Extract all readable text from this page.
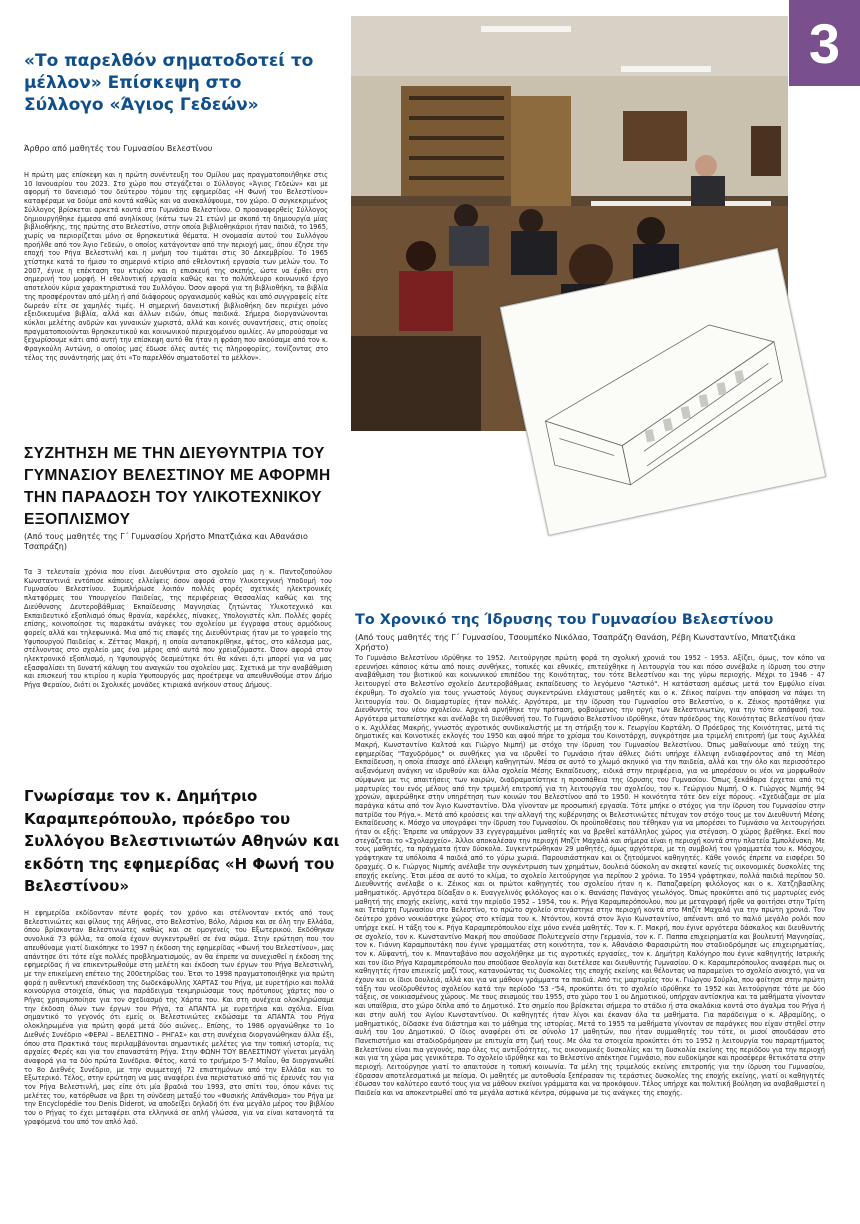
3
«Το παρελθόν σηματοδοτεί το μέλλον» Επίσκεψη στο Σύλλογο «Άγιος Γεδεών»
Άρθρο από μαθητές του Γυμνασίου Βελεστίνου
Η πρώτη μας επίσκεψη και η πρώτη συνέντευξη του Ομίλου μας πραγματοποιήθηκε στις 10 Ιανουαρίου του 2023. Στο χώρο που στεγάζεται ο Σύλλογος «Άγιος Γεδεών» και με αφορμή το δανεισμό του δεύτερου τόμου της εφημερίδας «Η Φωνή του Βελεστίνου» καταφέραμε να δούμε από κοντά καθώς και να ανακαλύψουμε, τον χώρο. Ο συγκεκριμένος Σύλλογος βρίσκεται αρκετά κοντά στο Γυμνάσιο Βελεστίνου. Ο προαναφερθείς Σύλλογος δημιουργήθηκε έμμεσα από ανηλίκους (κάτω των 21 ετών) με σκοπό τη δημιουργία μίας βιβλιοθήκης, της πρώτης στο Βελεστίνο, στην οποία βιβλιοθηκάριοι ήταν παιδιά, το 1965, χωρίς να περιορίζεται μόνο σε θρησκευτικά θέματα. Η ονομασία αυτού του Συλλόγου προήλθε από τον Άγιο Γεδεών, ο οποίος κατάγονταν από την περιοχή μας, όπου έζησε την εποχή του Ρήγα Βελεστινλή και η μνήμη του τιμάται στις 30 Δεκεμβρίου. Το 1965 χτίστηκε κατά το ήμισυ το σημερινό κτίριο από εθελοντική εργασία των μελών του. Το 2007, έγινε η επέκταση του κτιρίου και η επισκευή της σκεπής, ώστε να έρθει στη σημερινή του μορφή. Η εθελοντική εργασία καθώς και το πολύπλευρο κοινωνικό έργο αποτελούν κύρια χαρακτηριστικά του Συλλόγου. Όσον αφορά για τη βιβλιοθήκη, τα βιβλία της προσφέρονταν από μέλη ή από διάφορους οργανισμούς καθώς και από συγγραφείς είτε δωρεάν είτε σε χαμηλές τιμές. Η σημερινή δανειστική βιβλιοθήκη δεν περιέχει μόνο εξειδικευμένα βιβλία, αλλά και άλλων ειδών, όπως παιδικά. Σήμερα διοργανώνονται κύκλοι μελέτης ανδρών και γυναικών χωριστά, αλλά και κοινές συναντήσεις, στις οποίες πραγματοποιούνται θρησκευτικού και κοινωνικού περιεχομένου ομιλίες. Αν μπορούσαμε να ξεχωρίσουμε κάτι από αυτή την επίσκεψη αυτό θα ήταν η φράση που ακούσαμε από τον κ. Φραγκούλη Αντώνη, ο οποίος μας έδωσε όλες αυτές τις πληροφορίες, τονίζοντας στο τέλος της συνάντησής μας ότι «Το παρελθόν σηματοδοτεί το μέλλον».
ΣΥΖΗΤΗΣΗ ΜΕ ΤΗΝ ΔΙΕΥΘΥΝΤΡΙΑ ΤΟΥ ΓΥΜΝΑΣΙΟΥ ΒΕΛΕΣΤΙΝΟΥ ΜΕ ΑΦΟΡΜΗ ΤΗΝ ΠΑΡΑΔΟΣΗ ΤΟΥ ΥΛΙΚΟΤΕΧΝΙΚΟΥ ΕΞΟΠΛΙΣΜΟΥ
(Από τους μαθητές της Γ΄ Γυμνασίου Χρήστο Μπατζιάκα και Αθανάσιο Τσαπράζη)
Τα 3 τελευταία χρόνια που είναι Διευθύντρια στο σχολείο μας η κ. Παντοζοπούλου Κωνσταντινιά εντόπισε κάποιες ελλείψεις όσον αφορά στην Υλικοτεχνική Υποδομή του Γυμνασίου Βελεστίνου. Συμπλήρωσε λοιπόν πολλές φορές σχετικές ηλεκτρονικές πλατφόρμες του Υπουργείου Παιδείας, της περιφέρειας Θεσσαλίας καθώς και της Διεύθυνσης Δευτεροβάθμιας Εκπαίδευσης Μαγνησίας ζητώντας Υλικοτεχνικό και Εκπαιδευτικό εξοπλισμό όπως θρανία, καρέκλες, πίνακες, Υπολογιστές κλπ. Πολλές φορές επίσης, κοινοποίησε τις παρακάτω ανάγκες του σχολείου με έγγραφα στους αρμόδιους φορείς αλλά και τηλεφωνικά. Μια από τις επαφές της Διευθύντριας ήταν με το γραφείο της Υφυπουργού Παιδείας κ. Ζέττας Μακρή, η οποία ανταποκρίθηκε, φέτος, στο κάλεσμα μας, στέλνοντας στο σχολείο μας ένα μέρος από αυτά που χρειαζόμαστε. Όσον αφορά στον ηλεκτρονικό εξοπλισμό, η Υφυπουργός δεσμεύτηκε ότι θα κάνει ό,τι μπορεί για να μας εξασφαλίσει τη δυνατή κάλυψη του αναγκών του σχολείου μας. Σχετικά με την αναβάθμιση και επισκευή του κτιρίου η κυρία Υφυπουργός μας προέτρεψε να απευθυνθούμε στον Δήμο Ρήγα Φεραίου, διότι οι Σχολικές μονάδες κτιριακά ανήκουν στους Δήμους.
Γνωρίσαμε τον κ. Δημήτριο Καραμπερόπουλο, πρόεδρο του Συλλόγου Βελεστινιωτών Αθηνών και εκδότη της εφημερίδας «Η Φωνή του Βελεστίνου»
Η εφημερίδα εκδίδονταν πέντε φορές τον χρόνο και στέλνονταν εκτός από τους Βελεστινιώτες και φίλους της Αθήνας, στο Βελεστίνο, Βόλο, Λάρισα και σε όλη την Ελλάδα, όπου βρίσκονταν Βελεστινιώτες καθώς και σε ομογενείς του Εξωτερικού. Εκδόθηκαν συνολικά 73 φύλλα, τα οποία έχουν συγκεντρωθεί σε ένα σώμα. Στην ερώτηση που του απευθύναμε γιατί διακόπηκε το 1997 η έκδοση της εφημερίδας «Φωνή του Βελεστίνου», μας απάντησε ότι τότε είχε πολλές προβληματισμούς, αν θα έπρεπε να συνεχισθεί η έκδοση της εφημερίδας ή να επικεντρωθούμε στη μελέτη και έκδοση των έργων του Ρήγα Βελεστινλή, με την επικείμενη επέτειο της 200ετηρίδας του. Έτσι το 1998 πραγματοποιήθηκε για πρώτη φορά η αυθεντική επανέκδοση της δωδεκάφυλλης ΧΑΡΤΑΣ του Ρήγα, με ευρετήριο και πολλά κοινούργια στοιχεία, όπως για παράδειγμα τεκμηριώσαμε τους πρότυπους χάρτες που ο Ρήγας χρησιμοποίησε για τον σχεδιασμό της Χάρτα του. Και στη συνέχεια ολοκληρώσαμε την έκδοση όλων των έργων του Ρήγα, τα ΑΠΑΝΤΑ με ευρετήρια και σχόλια. Είναι σημαντικό το γεγονός ότι εμείς οι Βελεστινιώτες εκδώσαμε τα ΑΠΑΝΤΑ του Ρήγα ολοκληρωμένα για πρώτη φορά μετά δύο αιώνες.. Επίσης, το 1986 οργανώθηκε το 1ο Διεθνές Συνέδριο «ΦΕΡΑΙ – ΒΕΛΕΣΤΙΝΟ – ΡΗΓΑΣ» και στη συνέχεια διοργανώθηκαν άλλα έξι, όπου στα Πρακτικά τους περιλαμβάνονται σημαντικές μελέτες για την τοπική ιστορία, τις αρχαίες Φερές και για τον επαναστάτη Ρήγα. Στην ΦΩΝΗ ΤΟΥ ΒΕΛΕΣΤΙΝΟΥ γίνεται μεγάλη αναφορά για τα δύο πρώτα Συνέδρια. Φέτος, κατά το τριήμερο 5-7 Μαΐου, θα διοργανωθεί το 8ο Διεθνές Συνέδριο, με την συμμετοχή 72 επιστημόνων από την Ελλάδα και το Εξωτερικό. Τέλος, στην ερώτηση να μας αναφέρει ένα περιστατικό από τις έρευνές του για τον Ρήγα Βελεστινλή, μας είπε ότι μία βραδιά του 1993, στο σπίτι του, όπου κάνει τις μελέτες του, κατόρθωσε να βρει τη σύνδεση μεταξύ του «Φυσικής Απάνθισμα» του Ρήγα με την Encyclopédie του Denis Diderot, να αποδείξει δηλαδή ότι ένα μεγάλο μέρος του βιβλίου του ο Ρήγας το έχει μεταφέρει στα ελληνικά σε απλή γλώσσα, για να είναι κατανοητά τα γραφόμενά του από τον απλό λαό.
Το Χρονικό της Ίδρυσης του Γυμνασίου Βελεστίνου
(Από τους μαθητές της Γ΄ Γυμνασίου, Τσουμπέκο Νικόλαο, Τσαπράζη Θανάση, Ρέβη Κωνσταντίνο, Μπατζιάκα Χρήστο)
Το Γυμνάσιο Βελεστίνου ιδρύθηκε το 1952. Λειτούργησε πρώτη φορά τη σχολική χρονιά του 1952 - 1953. Αξίζει, όμως, τον κόπο να ερευνήσει κάποιος κάτω από ποιες συνθήκες, τοπικές και εθνικές, επιτεύχθηκε η λειτουργία του και πόσο συνέβαλε η ίδρυση του στην αναβάθμιση του βιοτικού και κοινωνικού επιπέδου της Κοινότητας, του τότε Βελεστίνου και της γύρω περιοχής. Μέχρι το 1946 - 47 λειτουργεί στο Βελεστίνο σχολείο Δευτεροβάθμιας εκπαίδευσης το λεγόμενο "Αστικό". Η κατάσταση αμέσως μετά τον Εμφύλιο είναι έκρυθμη. Το σχολείο για τους γνωστούς λόγους συγκεντρώνει ελάχιστους μαθητές και ο κ. Ζέικος παίρνει την απόφαση να πάψει τη λειτουργία του. Οι διαμαρτυρίες ήταν πολλές. Αργότερα, με την ίδρυση του Γυμνασίου στο Βελεστίνο, ο κ. Ζέικος προτάθηκε για Διευθυντής του νέου σχολείου. Αρχικά αρνήθηκε την πρόταση, φοβούμενος την οργή των Βελεστινιωτών, για την τότε απόφασή του. Αργότερα μεταπείστηκε και ανέλαβε τη διεύθυνσή του. Το Γυμνάσιο Βελεστίνου ιδρύθηκε, όταν πρόεδρος της Κοινότητας Βελεστίνου ήταν ο κ. Αχιλλέας Μακρής, γνωστός αγροτικός συνδικαλιστής με τη στήριξη του κ. Γεωργίου Καρτάλη. Ο Πρόεδρος της Κοινότητας, μετά τις δημοτικές και Κοινοτικές εκλογές του 1950 και αφού πήρε το χρίσμα του Κοινοτάρχη, συγκρότησε μια τριμελή επιτροπή (με τους Αχιλλέα Μακρή, Κωνσταντίνο Καλτσά και Γιώργο Νιμπή) με στόχο την ίδρυση του Γυμνασίου Βελεστίνου. Όπως μαθαίνουμε από τεύχη της εφημερίδας "Ταχυδρόμος" οι συνθήκες για να ιδρυθεί το Γυμνάσιο ήταν άθλιες διότι υπήρχε έλλειψη ενδιαφέροντος από τη Μέση Εκπαίδευση, η οποία έπασχε από έλλειψη καθηγητών. Μέσα σε αυτό το χλωμό σκηνικό για την παιδεία, αλλά και την όλο και περισσότερο αυξανόμενη ανάγκη να ιδρυθούν και άλλα σχολεία Μέσης Εκπαίδευσης, ειδικά στην περιφέρεια, για να μπορέσουν οι νέοι να μορφωθούν σύμφωνα με τις απαιτήσεις των καιρών, διαδραματίστηκε η προσπάθεια της ίδρυσης του Γυμνασίου. Όπως ξεκάθαρα έρχεται από τις μαρτυρίες του ενός μέλους από την τριμελή επιτροπή για τη λειτουργία του σχολείου, του κ. Γεώργιου Νιμπή. Ο κ. Γιώργος Νιμπής 94 χρονών, αφιερώθηκε στην υπηρέτηση των κοινών του Βελεστίνου από το 1950. Η κοινότητα τότε δεν είχε πόρους. «Σχεδιάζαμε σε μία παράγκα κάτω από τον Άγιο Κωνσταντίνο. Όλα γίνονταν με προσωπική εργασία. Τότε μπήκε ο στόχος για την ίδρυση του Γυμνασίου στην πατρίδα του Ρήγα.». Μετά από κρούσεις και την αλλαγή της κυβέρνησης οι Βελεστινιώτες πέτυχαν τον στόχο τους με τον Διευθυντή Μέσης Εκπαίδευσης κ. Μόσχο να υπογράφει την ίδρυση του Γυμνασίου. Οι προϋποθέσεις που τέθηκαν για να μπορέσει το Γυμνάσιο να λειτουργήσει ήταν οι εξής: Έπρεπε να υπάρχουν 33 εγγεγραμμένοι μαθητές και να βρεθεί κατάλληλος χώρος για στέγαση. Ο χώρος βρέθηκε. Εκεί που στεγάζεται το «Σχολαρχείο». Άλλοι αποκαλέσαν την περιοχή Μπζίτ Μαχαλά και σήμερα είναι η περιοχή κοντά στην πλατεία Σμπολένσκη. Με τους μαθητές, τα πράγματα ήταν δύσκολα. Συγκεντρώθηκαν 29 μαθητές, όμως αργότερα, με τη συμβολή του γραμματέα του κ. Μόσχου, γράφτηκαν τα υπόλοιπα 4 παιδιά από το γύρω χωριά. Παρουσιάστηκαν και οι ζητούμενοι καθηγητές. Κάθε γονιός έπρεπε να εισφέρει 50 δραχμές. Ο κ. Γιώργος Νιμπής ανέλαβε την συγκέντρωση των χρημάτων, δουλειά δύσκολη αν σκεφτεί κανείς τις οικονομικές δυσκολίες της εποχής εκείνης. Έτσι μέσα σε αυτό το κλίμα, το σχολείο λειτούργησε για περίπου 2 χρόνια. Το 1954 γράφτηκαν, πολλά παιδιά περίπου 50. Διευθυντής ανέλαβε ο κ. Ζέικος και οι πρώτοι καθηγητές του σχολείου ήταν η κ. Παπαζαφείρη φιλόλογος και ο κ. Χατζηβασίλης μαθηματικός. Αργότερα δίδαξαν ο κ. Ευαγγελινός φιλόλογος και ο κ. Θανάσης Πανάγος γεωλόγος. Όπως προκύπτει από τις μαρτυρίες ενός μαθητή της εποχής εκείνης, κατά την περίοδο 1952 – 1954, του κ. Ρήγα Καραμπερόπουλου, που με μεταγραφή ήρθε να φοιτήσει στην Τρίτη και Τετάρτη Γυμνασίου στο Βελεστίνο, το πρώτο σχολείο στεγάστηκε στην περιοχή κοντά στο Μπζίτ Μαχαλά για την πρώτη χρονιά. Τον δεύτερο χρόνο νοικιάστηκε χώρος στο κτίσμα του κ. Ντόντου, κοντά στον Άγιο Κωνσταντίνο, απέναντι από το παλιό μεγάλο ρολόι που υπήρχε εκεί. Η τάξη του κ. Ρήγα Καραμπερόπουλου είχε μόνο εννέα μαθητές. Τον κ. Γ. Μακρή, που έγινε αργότερα δάσκαλος και διευθυντής σε σχολείο, τον κ. Κωνσταντίνο Μακρή που σπούδασε Πολυτεχνείο στην Γερμανία, τον κ. Γ. Παππα επιχειρηματία και βουλευτή Μαγνησίας, τον κ. Γιάννη Καραμπουτάκη που έγινε γραμματέας στη κοινότητα, τον κ. Αθανάσιο Φαρασιρώτη που σταδιοδρόμησε ως επιχειρηματίας, τον κ. Αϋφαντή, τον κ. Μπανταβάνο που ασχολήθηκε με τις αγροτικές εργασίες, τον κ. Δημήτρη Καλόγηρο που έγινε καθηγητής Ιατρικής και τον ίδιο Ρήγα Καραμπερόπουλο που σπούδασε Θεολογία και διετέλεσε και διευθυντής Γυμνασίου. Ο κ. Καραμπερόπουλος αναφέρει πως οι καθηγητές ήταν επιεικείς μαζί τους, κατανοώντας τις δυσκολίες της εποχής εκείνης και θέλοντας να παραμείνει το σχολείο ανοιχτό, για να έχουν και οι ίδιοι δουλειά, αλλά και για να μάθουν γράμματα τα παιδιά. Από τις μαρτυρίες του κ. Γιώργου Σούρλα, που φοίτησε στην πρώτη τάξη του νεοϊδρυθέντος σχολείου κατά την περίοδο '53 -'54, προκύπτει ότι το σχολείο ιδρύθηκε το 1952 και λειτούργησε τότε με δύο τάξεις, σε νοικιασμένους χώρους. Με τους σεισμούς του 1955, στο χώρο του 1 ου Δημοτικού, υπήρχαν αντίσκηνα και τα μαθήματα γίνονταν και υπαίθρια, στο χώρο δίπλα από το Δημοτικό. Στο σημείο που βρίσκεται σήμερα το στάδιο ή στα σκαλάκια κοντά στο άγαλμα του Ρήγα ή και στην αυλή του Αγίου Κωνσταντίνου. Οι καθηγητές ήταν λίγοι και έκαναν όλα τα μαθήματα. Για παράδειγμα ο κ. Αβραμίδης, ο μαθηματικός, δίδασκε ένα διάστημα και το μάθημα της ιστορίας. Μετά το 1955 τα μαθήματα γίνονταν σε παράγκες που είχαν στηθεί στην αυλή του 1ου Δημοτικού. Ο ίδιος αναφέρει ότι σε σύνολο 17 μαθητών, που ήταν συμμαθητές του τότε, οι μισοί σπουδάσαν στο Πανεπιστήμιο και σταδιοδρόμησαν με επιτυχία στη ζωή τους. Με όλα τα στοιχεία προκύπτει ότι το 1952 η λειτουργία του παραρτήματος Βελεστίνου είναι πια γεγονός, παρ όλες τις αντιξοότητες, τις οικονομικές δυσκολίες και τη δυσκολία εκείνης της περιόδου για την περιοχή και για τη χώρα μας γενικότερα. Το σχολείο ιδρύθηκε και το Βελεστίνο απέκτησε Γυμνάσιο, που ευδοκίμησε και προσέφερε θετικότατα στην περιοχή. Λειτούργησε γιατί το απαιτούσε η τοπική κοινωνία. Τα μέλη της τριμελούς εκείνης επιτροπής για την ίδρυση του Γυμνασίου, έδρασαν αποτελεσματικά με πείσμα. Οι μαθητές με αυτοθυσία ξεπέρασαν τις τεράστιες δυσκολίες της εποχής εκείνης, γιατί οι καθηγητές έδωσαν τον καλύτερο εαυτό τους για να μάθουν εκείνοι γράμματα και να προκόψουν. Τέλος υπήρχε και πολιτική βούληση να αναβαθμιστεί η Παιδεία και να αποκεντρωθεί από τα μεγάλα αστικά κέντρα, σύμφωνα με τις ανάγκες της εποχής.
